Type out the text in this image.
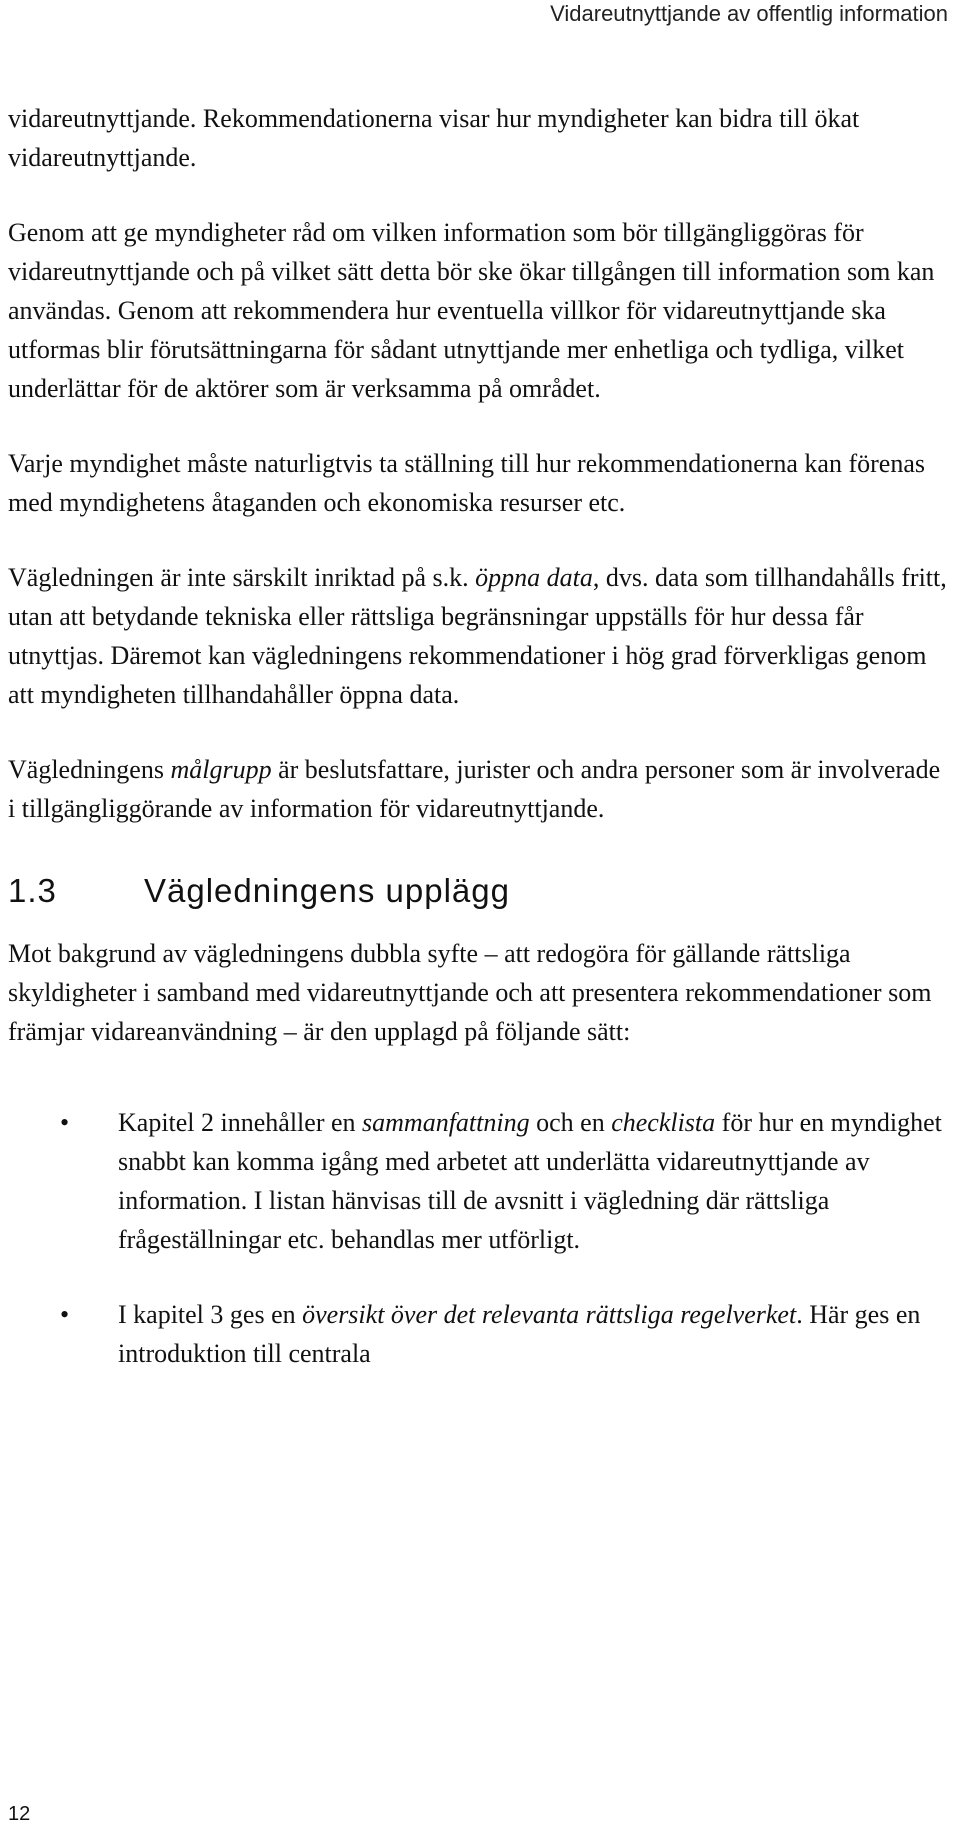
Vidareutnyttjande av offentlig information

vidareutnyttjande. Rekommendationerna visar hur myndigheter kan bidra till ökat vidareutnyttjande.

Genom att ge myndigheter råd om vilken information som bör tillgängliggöras för vidareutnyttjande och på vilket sätt detta bör ske ökar tillgången till information som kan användas. Genom att rekommendera hur eventuella villkor för vidareutnyttjande ska utformas blir förutsättningarna för sådant utnyttjande mer enhetliga och tydliga, vilket underlättar för de aktörer som är verksamma på området.

Varje myndighet måste naturligtvis ta ställning till hur rekommendationerna kan förenas med myndighetens åtaganden och ekonomiska resurser etc.

Vägledningen är inte särskilt inriktad på s.k. öppna data, dvs. data som tillhandahålls fritt, utan att betydande tekniska eller rättsliga begränsningar uppställs för hur dessa får utnyttjas. Däremot kan vägledningens rekommendationer i hög grad förverkligas genom att myndigheten tillhandahåller öppna data.

Vägledningens målgrupp är beslutsfattare, jurister och andra personer som är involverade i tillgängliggörande av information för vidareutnyttjande.

1.3	Vägledningens upplägg

Mot bakgrund av vägledningens dubbla syfte – att redogöra för gällande rättsliga skyldigheter i samband med vidareutnyttjande och att presentera rekommendationer som främjar vidareanvändning – är den upplagd på följande sätt:

• Kapitel 2 innehåller en sammanfattning och en checklista för hur en myndighet snabbt kan komma igång med arbetet att underlätta vidareutnyttjande av information. I listan hänvisas till de avsnitt i vägledning där rättsliga frågeställningar etc. behandlas mer utförligt.
• I kapitel 3 ges en översikt över det relevanta rättsliga regelverket. Här ges en introduktion till centrala
12
